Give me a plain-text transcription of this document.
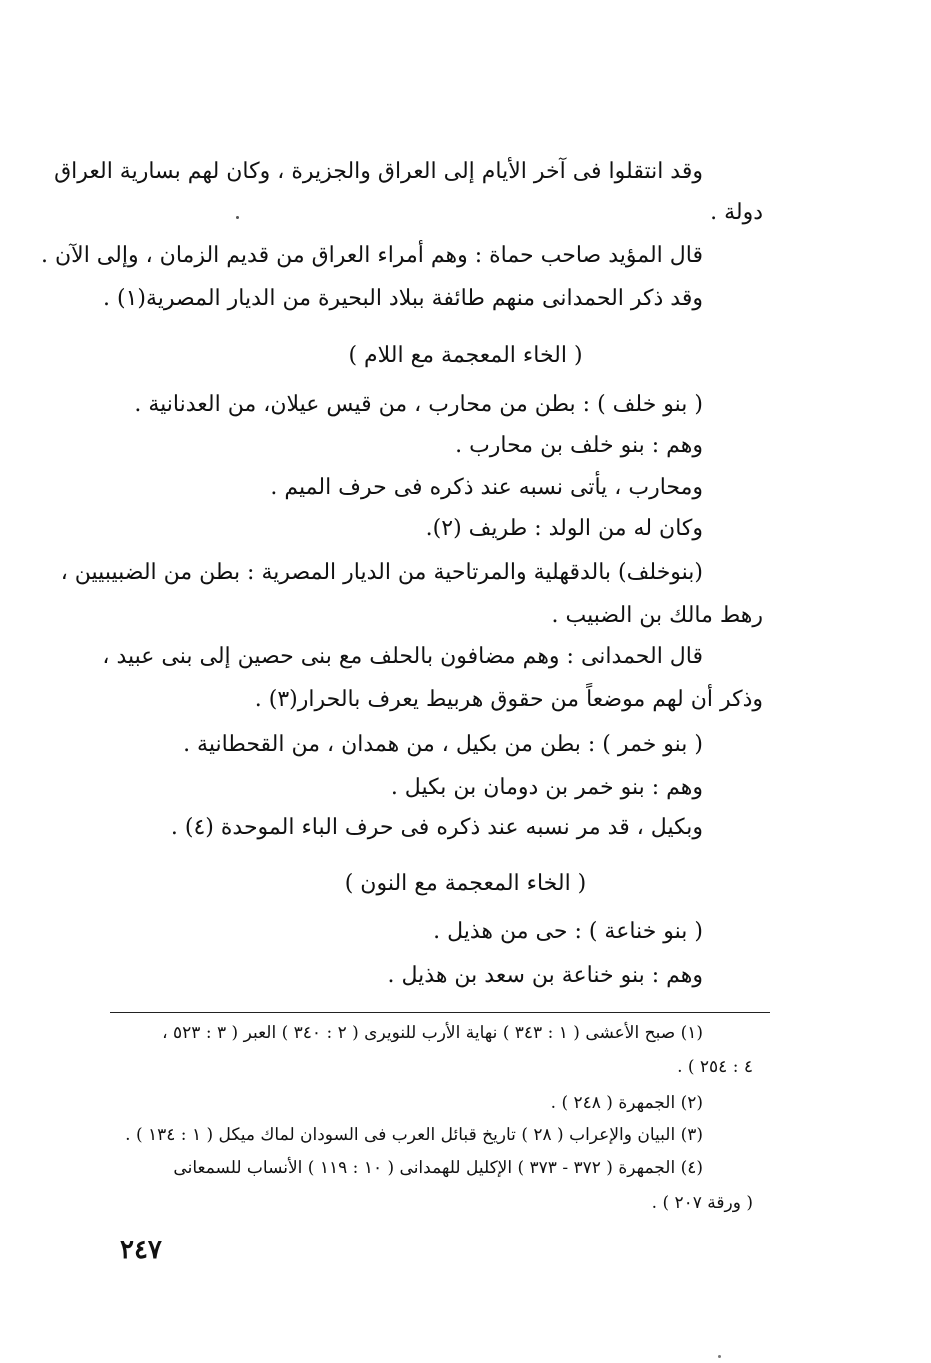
وقد انتقلوا فى آخر الأيام إلى العراق والجزيرة ، وكان لهم بسارية العراق
دولة .
قال المؤيد صاحب حماة : وهم أمراء العراق من قديم الزمان ، وإلى الآن .
وقد ذكر الحمدانى منهم طائفة ببلاد البحيرة من الديار المصرية(١) .
( الخاء المعجمة مع اللام )
( بنو خلف ) : بطن من محارب ، من قيس عيلان، من العدنانية .
وهم : بنو خلف بن محارب .
ومحارب ، يأتى نسبه عند ذكره فى حرف الميم .
وكان له من الولد : طريف (٢).
(بنوخلف) بالدقهلية والمرتاحية من الديار المصرية : بطن من الضبيبيين ،
رهط مالك بن الضبيب .
قال الحمدانى : وهم مضافون بالحلف مع بنى حصين إلى بنى عبيد ،
وذكر أن لهم موضعاً من حقوق هربيط يعرف بالحرار(٣) .
( بنو خمر ) : بطن من بكيل ، من همدان ، من القحطانية .
وهم : بنو خمر بن دومان بن بكيل .
وبكيل ، قد مر نسبه عند ذكره فى حرف الباء الموحدة (٤) .
( الخاء المعجمة مع النون )
( بنو خناعة ) : حى من هذيل .
وهم : بنو خناعة بن سعد بن هذيل .
(١) صبح الأعشى ( ١ : ٣٤٣ ) نهاية الأرب للنويرى ( ٢ : ٣٤٠ ) العبر ( ٣ : ٥٢٣ ،
٤ : ٢٥٤ ) .
(٢) الجمهرة ( ٢٤٨ ) .
(٣) البيان والإعراب ( ٢٨ ) تاريخ قبائل العرب فى السودان لماك ميكل ( ١ : ١٣٤ ) .
(٤) الجمهرة ( ٣٧٢ - ٣٧٣ ) الإكليل للهمدانى ( ١٠ : ١١٩ ) الأنساب للسمعانى
( ورقة ٢٠٧ ) .
٢٤٧
